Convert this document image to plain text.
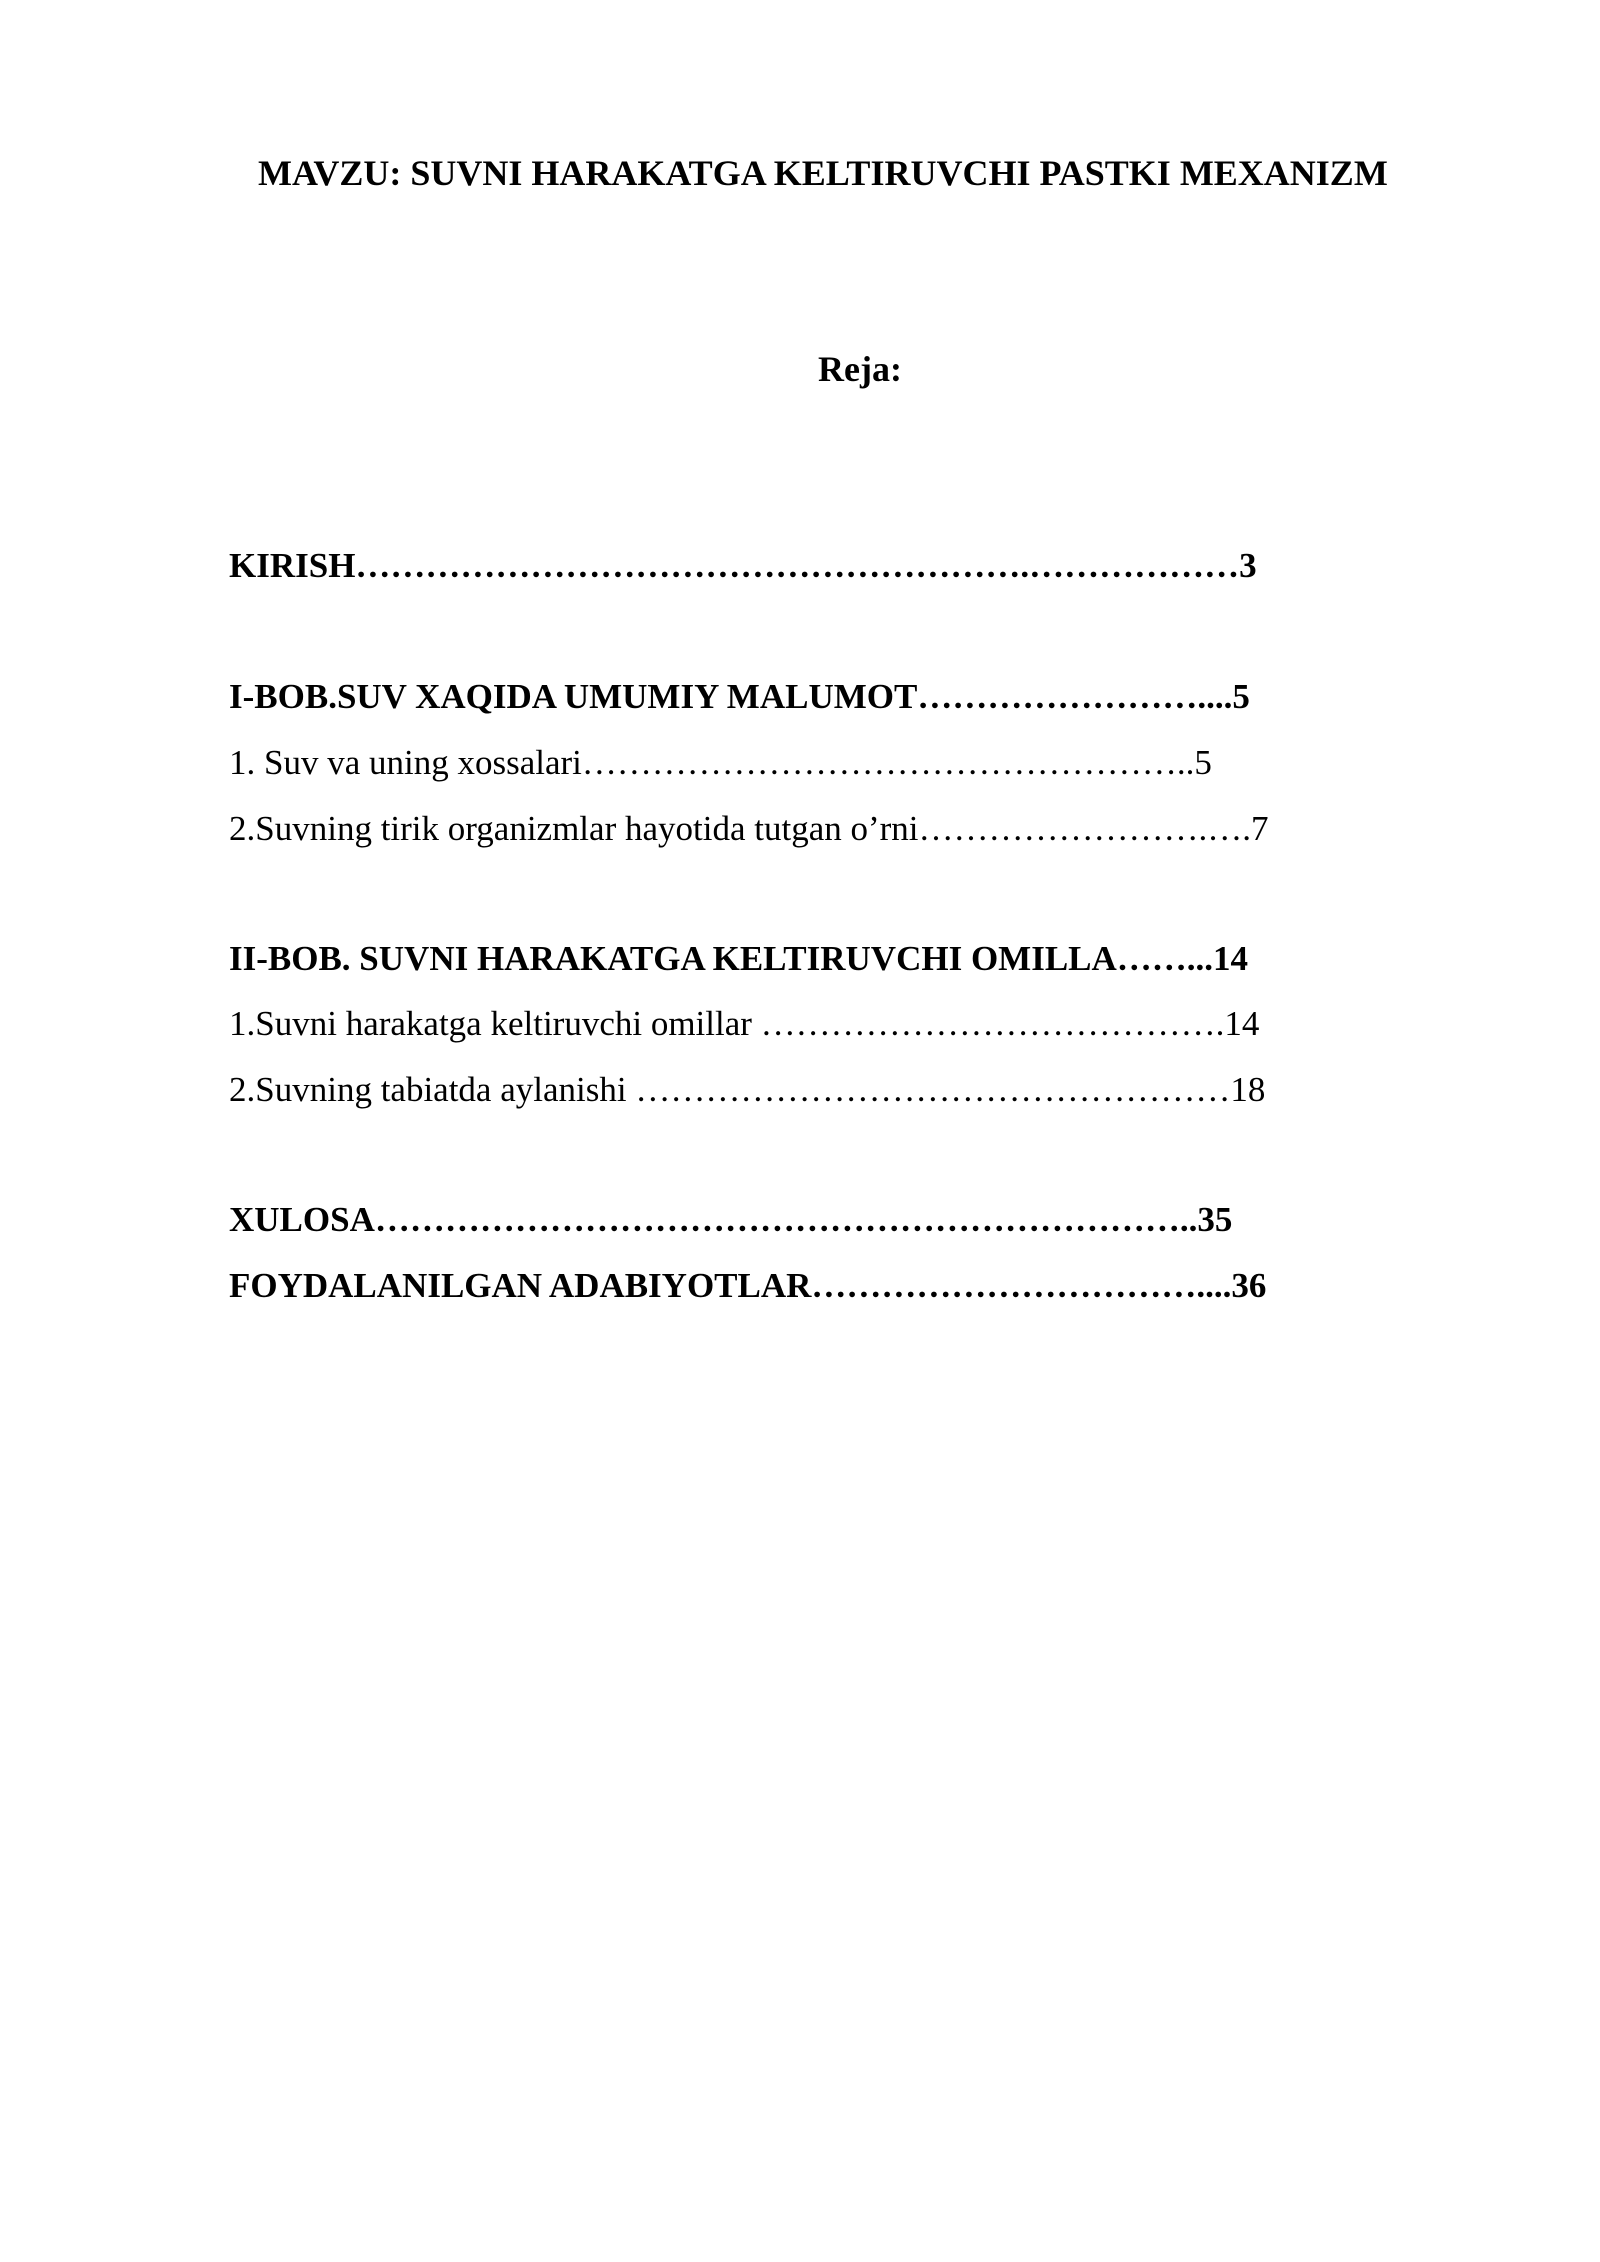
MAVZU: SUVNI HARAKATGA KELTIRUVCHI PASTKI MEXANIZM
Reja:
KIRISH………………………………………………….………………3
I-BOB.SUV XAQIDA UMUMIY MALUMOT……………………....5
1. Suv va uning xossalari……………………………………………..5
2.Suvning tirik organizmlar hayotida tutgan o’rni…………………….….7
II-BOB. SUVNI HARAKATGA KELTIRUVCHI OMILLA……...14
1.Suvni harakatga keltiruvchi omillar ………………………………….14
2.Suvning tabiatda aylanishi ……………………………………………18
XULOSA……………………………………………………………..35
FOYDALANILGAN ADABIYOTLAR……………………………....36
